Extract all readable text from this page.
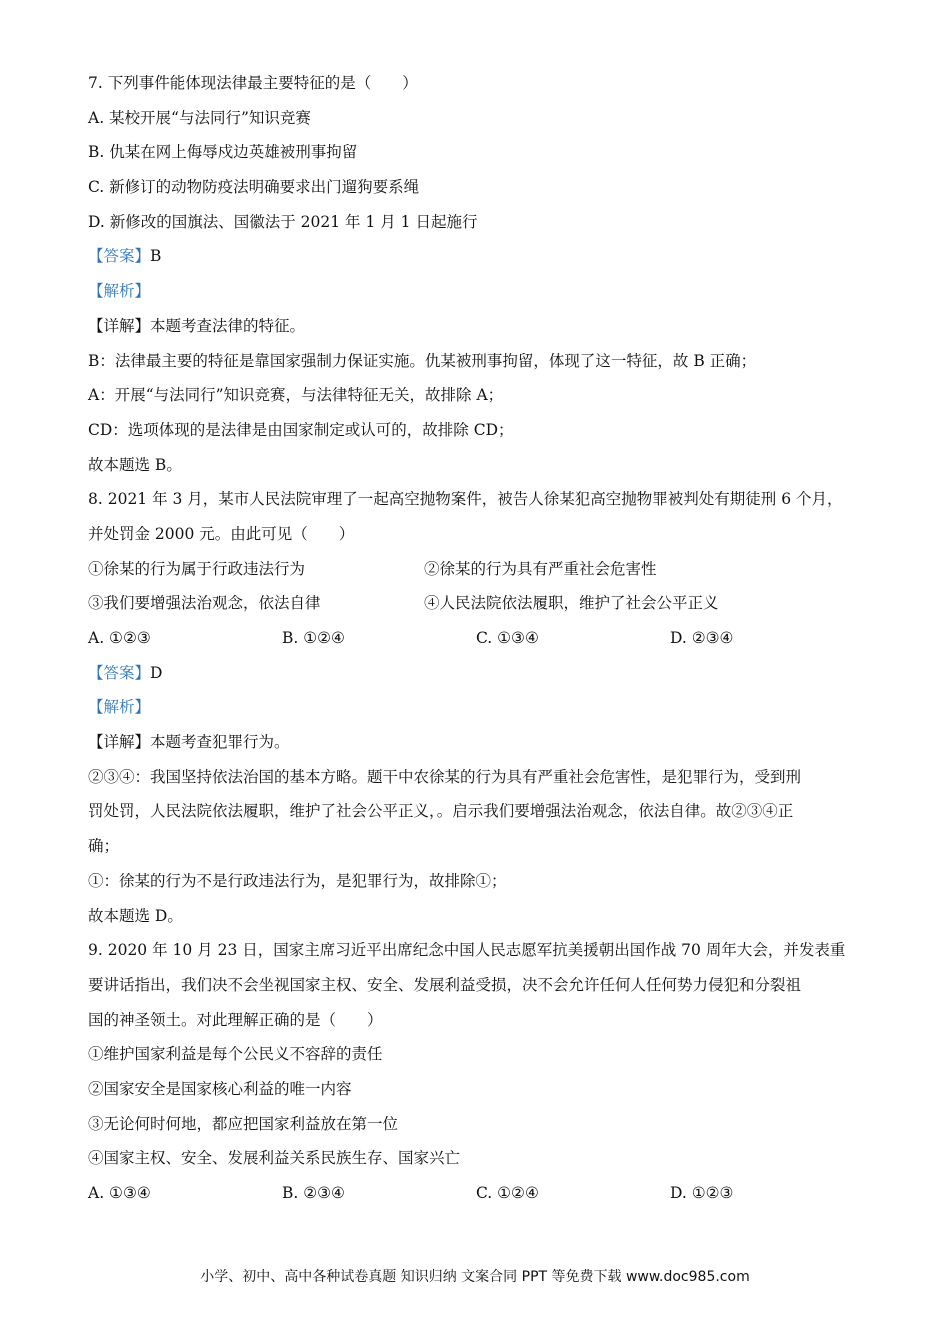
7. 下列事件能体现法律最主要特征的是（　　）
A. 某校开展“与法同行”知识竞赛
B. 仇某在网上侮辱戍边英雄被刑事拘留
C. 新修订的动物防疫法明确要求出门遛狗要系绳
D. 新修改的国旗法、国徽法于 2021 年 1 月 1 日起施行
【答案】B
【解析】
【详解】本题考查法律的特征。
B：法律最主要的特征是靠国家强制力保证实施。仇某被刑事拘留，体现了这一特征，故 B 正确；
A：开展“与法同行”知识竞赛，与法律特征无关，故排除 A；
CD：选项体现的是法律是由国家制定或认可的，故排除 CD；
故本题选 B。
8. 2021 年 3 月，某市人民法院审理了一起高空抛物案件，被告人徐某犯高空抛物罪被判处有期徒刑 6 个月，
并处罚金 2000 元。由此可见（　　）
①徐某的行为属于行政违法行为	②徐某的行为具有严重社会危害性
③我们要增强法治观念，依法自律	④人民法院依法履职，维护了社会公平正义
A. ①②③	B. ①②④	C. ①③④	D. ②③④
【答案】D
【解析】
【详解】本题考查犯罪行为。
②③④：我国坚持依法治国的基本方略。题干中农徐某的行为具有严重社会危害性，是犯罪行为，受到刑
罚处罚，人民法院依法履职，维护了社会公平正义，。启示我们要增强法治观念，依法自律。故②③④正
确；
①：徐某的行为不是行政违法行为，是犯罪行为，故排除①；
故本题选 D。
9. 2020 年 10 月 23 日，国家主席习近平出席纪念中国人民志愿军抗美援朝出国作战 70 周年大会，并发表重
要讲话指出，我们决不会坐视国家主权、安全、发展利益受损，决不会允许任何人任何势力侵犯和分裂祖
国的神圣领土。对此理解正确的是（　　）
①维护国家利益是每个公民义不容辞的责任
②国家安全是国家核心利益的唯一内容
③无论何时何地，都应把国家利益放在第一位
④国家主权、安全、发展利益关系民族生存、国家兴亡
A. ①③④	B. ②③④	C. ①②④	D. ①②③
小学、初中、高中各种试卷真题 知识归纳 文案合同 PPT 等免费下载 www.doc985.com
